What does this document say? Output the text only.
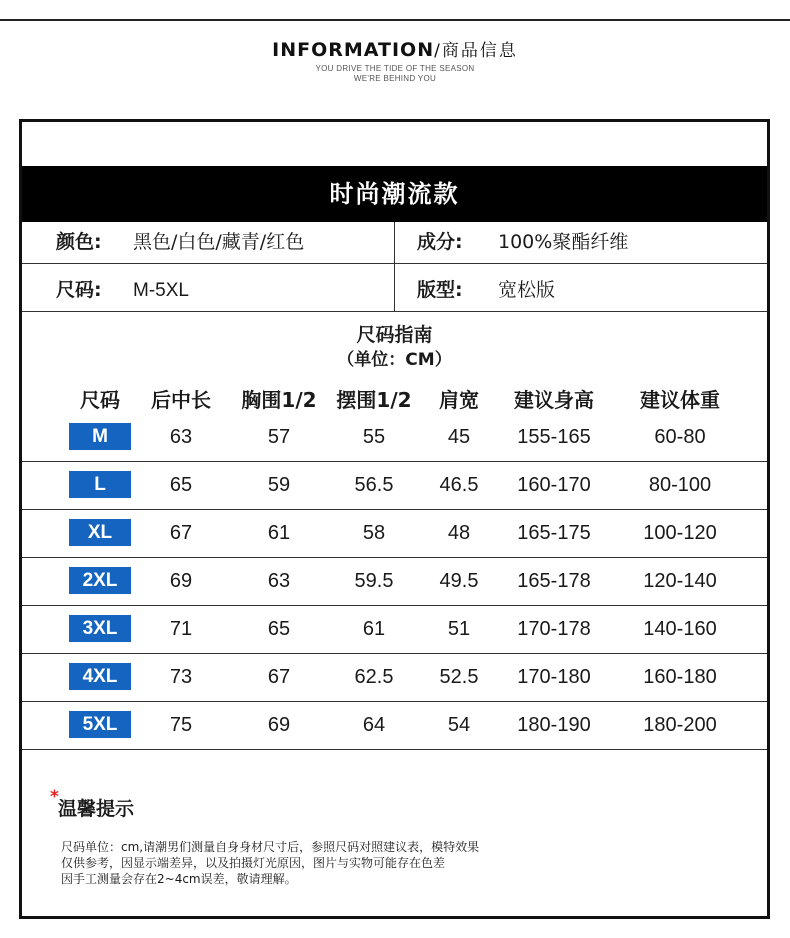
INFORMATION/商品信息
YOU DRIVE THE TIDE OF THE SEASON
WE'RE BEHIND YOU
时尚潮流款
颜色: 黑色/白色/藏青/红色	成分: 100%聚酯纤维
尺码: M-5XL	版型: 宽松版
尺码指南
（单位：CM）
尺码 后中长 胸围1/2 摆围1/2 肩宽 建议身高 建议体重
M	63	57	55	45 155-165	60-80
L	65	59	56.5 46.5 160-170	80-100
XL	67	61	58	48 165-175	100-120
2XL	69	63	59.5 49.5 165-178	120-140
3XL	71	65	61	51 170-178	140-160
4XL	73	67	62.5 52.5 170-180	160-180
5XL	75	69	64	54 180-190	180-200
*
温馨提示
尺码单位：cm,请潮男们测量自身身材尺寸后，参照尺码对照建议表，模特效果
仅供参考，因显示端差异，以及拍摄灯光原因，图片与实物可能存在色差
因手工测量会存在2~4cm误差，敬请理解。
